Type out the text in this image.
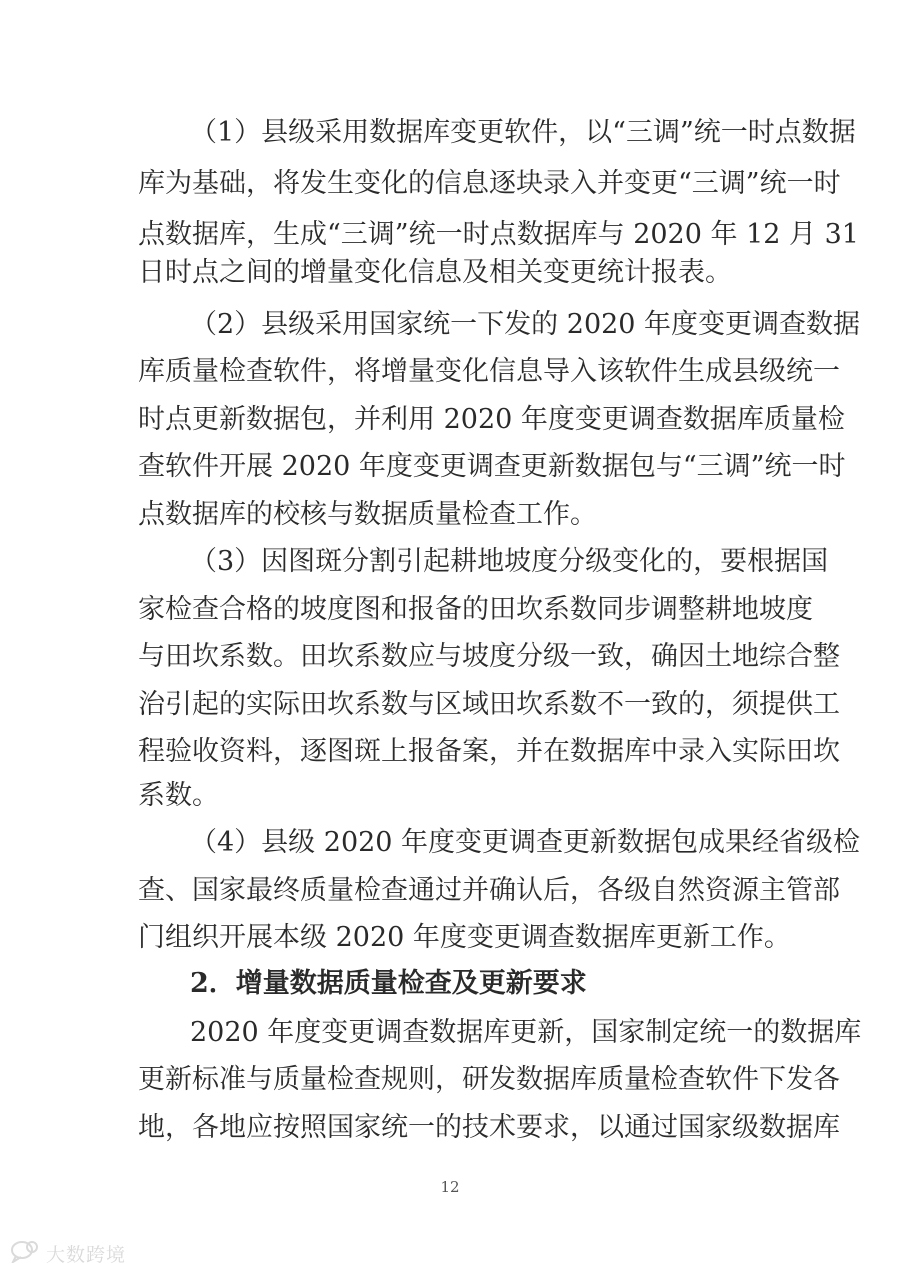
（1）县级采用数据库变更软件，以“三调”统一时点数据
库为基础，将发生变化的信息逐块录入并变更“三调”统一时
点数据库，生成“三调”统一时点数据库与 2020 年 12 月 31
日时点之间的增量变化信息及相关变更统计报表。
（2）县级采用国家统一下发的 2020 年度变更调查数据
库质量检查软件，将增量变化信息导入该软件生成县级统一
时点更新数据包，并利用 2020 年度变更调查数据库质量检
查软件开展 2020 年度变更调查更新数据包与“三调”统一时
点数据库的校核与数据质量检查工作。
（3）因图斑分割引起耕地坡度分级变化的，要根据国
家检查合格的坡度图和报备的田坎系数同步调整耕地坡度
与田坎系数。田坎系数应与坡度分级一致，确因土地综合整
治引起的实际田坎系数与区域田坎系数不一致的，须提供工
程验收资料，逐图斑上报备案，并在数据库中录入实际田坎
系数。
（4）县级 2020 年度变更调查更新数据包成果经省级检
查、国家最终质量检查通过并确认后，各级自然资源主管部
门组织开展本级 2020 年度变更调查数据库更新工作。
2．增量数据质量检查及更新要求
2020 年度变更调查数据库更新，国家制定统一的数据库
更新标准与质量检查规则，研发数据库质量检查软件下发各
地，各地应按照国家统一的技术要求，以通过国家级数据库
12
大数跨境
